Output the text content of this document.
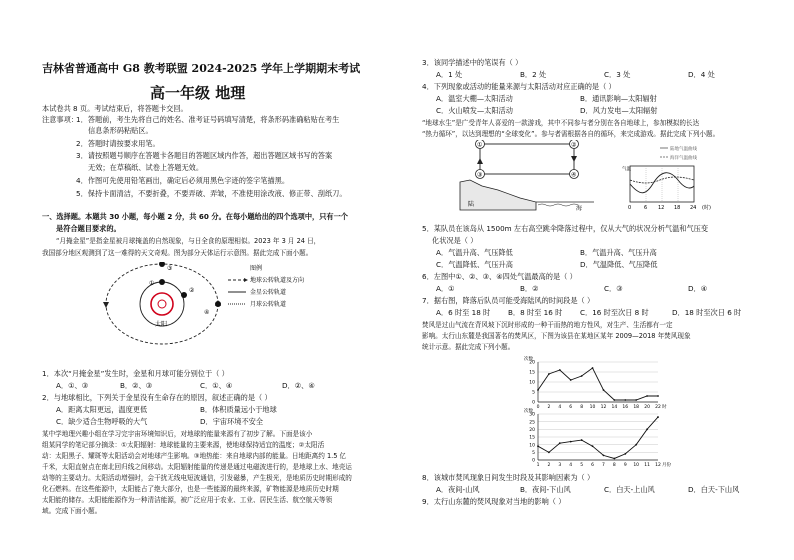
吉林省普通高中 G8 教考联盟 2024-2025 学年上学期期末考试
高一年级 地理
本试卷共 8 页。考试结束后，将答题卡交回。
注意事项：
1．答题前，考生先将自己的姓名、准考证号码填写清楚，将条形码准确粘贴在考生
信息条形码粘贴区。
2．答题时请按要求用笔。
3．请按照题号顺序在答题卡各题目的答题区域内作答，超出答题区域书写的答案
无效；在草稿纸、试卷上答题无效。
4．作图可先使用铅笔画出，确定后必须用黑色字迹的签字笔描黑。
5．保持卡面清洁，不要折叠，不要弄破、弄皱，不准使用涂改液、修正带、刮纸刀。
一、选择题。本题共 30 小题，每小题 2 分，共 60 分。在每小题给出的四个选项中，只有一个
是符合题目要求的。
“月掩金星”是指金星被月球掩盖的自然现象，与日全食的原理相似。2023 年 3 月 24 日，
我国部分地区观测到了这一难得的天文奇观。图为部分天体运行示意图。据此完成下面小题。
太阳
①
②
③
④
图例
地球公转轨道及方向
金星公转轨道
月球公转轨道
1．本次“月掩金星”发生时，金星和月球可能分别位于（ ）
A．①、③	B．②、③	C．①、④	D．②、④
2．与地球相比，下列关于金星没有生命存在的原因，叙述正确的是（ ）
A．距离太阳更远，温度更低	B．体积质量远小于地球
C．缺少适合生物呼吸的大气	D．宇宙环境不安全
某中学地理兴趣小组在学习完宇宙环境知识后，对地球的能量来源有了初步了解。下面是该小
组某同学的笔记部分摘录：①太阳辐射：地球能量的主要来源，使地球保持适宜的温度；②太阳活
动：太阳黑子、耀斑等太阳活动会对地球产生影响。③地热能：来自地球内部的能量。日地距离约 1.5 亿
千米，太阳直射点在南北回归线之间移动。太阳辐射能量的传递是通过电磁波进行的，是地球上水、地壳运
动等的主要动力。太阳活动增强时，会干扰无线电短波通信，引发磁暴，产生极光，是地质历史时期形成的
化石燃料。在这些能源中，太阳能占了绝大部分，也是一些能源的最终来源，矿物能源是地质历史时期
太阳能的储存。太阳能能源作为一种清洁能源，被广泛应用于农业、工业、居民生活、航空航天等领
域。完成下面小题。
3．该同学描述中的笔误有（ ）
A．1 处	B．2 处	C．3 处	D．4 处
4．下列现象或活动的能量来源与太阳活动对应正确的是（ ）
A．温室大棚—太阳活动	B．通讯影响—太阳辐射
C．火山喷发—太阳活动	D．风力发电—太阳辐射
“地球水生”是广受青年人喜爱的一款游戏，其中不同参与者分别在各自地球上，参加模拟的长达
“热力循环”，以达到理想的“全球变化”。参与者需根据各自的循环，来完成游戏。据此完成下列小题。
①	②
③	④
陆
海
陆地气温曲线
海洋气温曲线
气温
0	6 12 18 24 (时)
5．某队员在该岛从 1500m 左右高空跳伞降落过程中，仅从大气的状况分析气温和气压变
化状况是（ ）
A．气温升高、气压降低	B．气温升高、气压升高
C．气温降低、气压升高	D．气温降低、气压降低
6．左图中①、②、③、④四处气温最高的是（ ）
A．①	B．②	C．③	D．④
7．据右图，降落后队员可能受海陆风的时间段是（ ）
A．6 时至 18 时 B．8 时至 16 时 C．16 时至次日 8 时	D．18 时至次日 6 时
焚风是过山气流在背风坡下沉时形成的一种干而热的地方性风，对生产、生活都有一定
影响。太行山东麓是我国著名的焚风区，下图为该县在某地区某年 2009—2018 年焚风现象
统计示意。据此完成下列小题。
0
5
10
15
20
0 2 4 6 8 10 12 14 16 18 20 22 时
次数
0
5
10
15
20
25
30
1 2 3 4 5 6 7 8 9 10 11 12 月份
次数
8．该城市焚风现象日间发生时段及其影响因素为（ ）
A．夜间-山风	B．夜间-下山风	C．白天-上山风	D．白天-下山风
9．太行山东麓的焚风现象对当地的影响（ ）
